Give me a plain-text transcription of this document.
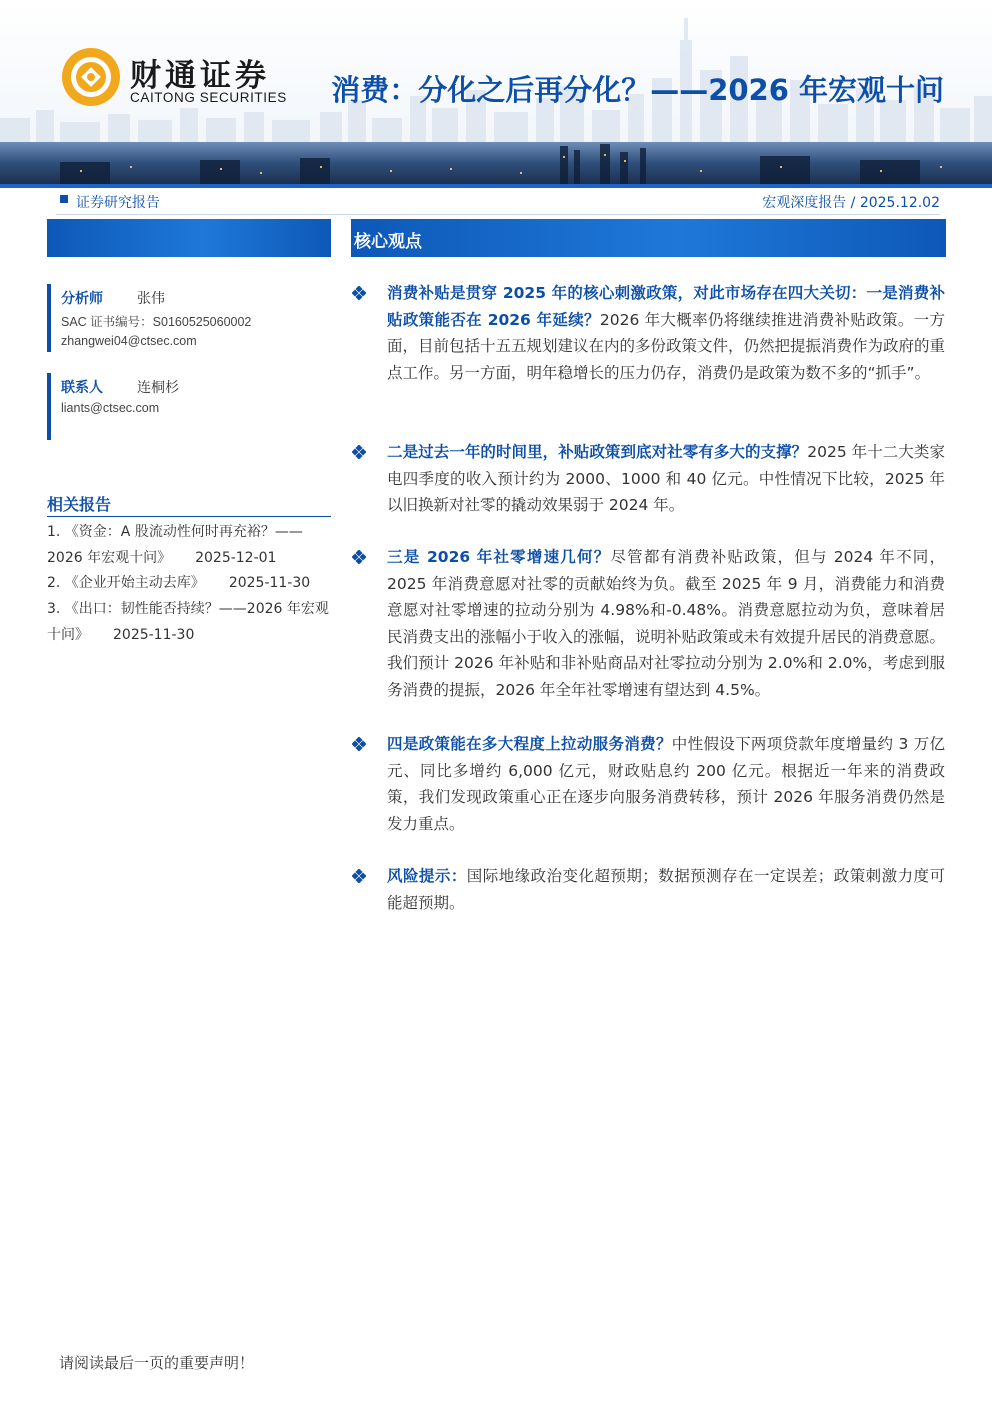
财通证券
CAITONG SECURITIES 消费：分化之后再分化？——2026 年宏观十问
证券研究报告	宏观深度报告 / 2025.12.02
分析师 张伟
SAC 证书编号：S0160525060002
zhangwei04@ctsec.com
联系人 连桐杉
liants@ctsec.com
相关报告
1. 《资金：A 股流动性何时再充裕？——2026 年宏观十问》 2025-12-01
2. 《企业开始主动去库》 2025-11-30
3. 《出口：韧性能否持续？——2026 年宏观十问》 2025-11-30
核心观点
消费补贴是贯穿 2025 年的核心刺激政策，对此市场存在四大关切：一是消费补贴政策能否在 2026 年延续？2026 年大概率仍将继续推进消费补贴政策。一方面，目前包括十五五规划建议在内的多份政策文件，仍然把提振消费作为政府的重点工作。另一方面，明年稳增长的压力仍存，消费仍是政策为数不多的“抓手”。
二是过去一年的时间里，补贴政策到底对社零有多大的支撑？2025 年十二大类家电四季度的收入预计约为 2000、1000 和 40 亿元。中性情况下比较，2025 年以旧换新对社零的撬动效果弱于 2024 年。
三是 2026 年社零增速几何？尽管都有消费补贴政策，但与 2024 年不同，2025 年消费意愿对社零的贡献始终为负。截至 2025 年 9 月，消费能力和消费意愿对社零增速的拉动分别为 4.98%和-0.48%。消费意愿拉动为负，意味着居民消费支出的涨幅小于收入的涨幅，说明补贴政策或未有效提升居民的消费意愿。我们预计 2026 年补贴和非补贴商品对社零拉动分别为 2.0%和 2.0%，考虑到服务消费的提振，2026 年全年社零增速有望达到 4.5%。
四是政策能在多大程度上拉动服务消费？中性假设下两项贷款年度增量约 3 万亿元、同比多增约 6,000 亿元，财政贴息约 200 亿元。根据近一年来的消费政策，我们发现政策重心正在逐步向服务消费转移，预计 2026 年服务消费仍然是发力重点。
风险提示：国际地缘政治变化超预期；数据预测存在一定误差；政策刺激力度可能超预期。
请阅读最后一页的重要声明！
